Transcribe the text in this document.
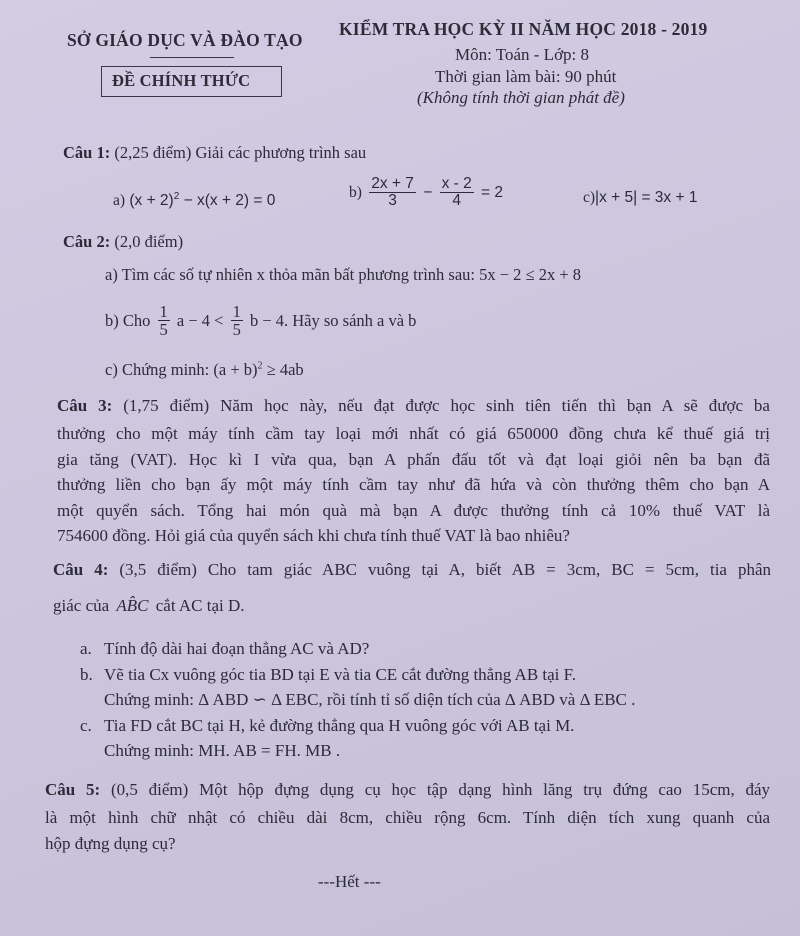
SỞ GIÁO DỤC VÀ ĐÀO TẠO
ĐỀ CHÍNH THỨC
KIỂM TRA HỌC KỲ II NĂM HỌC 2018 - 2019
Môn: Toán - Lớp: 8
Thời gian làm bài: 90 phút
(Không tính thời gian phát đề)
Câu 1: (2,25 điểm) Giải các phương trình sau
a) $(x + 2)^2 - x(x + 2) = 0$	$b) \frac{2x + 7}{3} - \frac{x - 2}{4} = 2$	c)|x + 5| = 3x + 1
Câu 2: (2,0 điểm)
a) Tìm các số tự nhiên x thỏa mãn bất phương trình sau: 5x − 2 ≤ 2x + 8
b) Cho $\frac{1}{5}$ $a - 4 < \frac{1}{5}$ b − 4. Hãy so sánh a và b
c) Chứng minh: $(a + b)^2 \ge 4ab$
Câu 3: (1,75 điểm) Năm học này, nếu đạt được học sinh tiên tiến thì bạn A sẽ được ba
thưởng cho một máy tính cầm tay loại mới nhất có giá 650000 đồng chưa kể thuế giá trị
gia tăng (VAT). Học kì I vừa qua, bạn A phấn đấu tốt và đạt loại giỏi nên ba bạn đã
thưởng liền cho bạn ấy một máy tính cầm tay như đã hứa và còn thưởng thêm cho bạn A
một quyển sách. Tổng hai món quà mà bạn A được thưởng tính cả 10% thuế VAT là
754600 đồng. Hỏi giá của quyển sách khi chưa tính thuế VAT là bao nhiêu?
Câu 4: (3,5 điểm) Cho tam giác ABC vuông tại A, biết AB = 3cm, BC = 5cm, tia phân
giác của AB̂C cắt AC tại D.
a. Tính độ dài hai đoạn thẳng AC và AD?
b. Vẽ tia Cx vuông góc tia BD tại E và tia CE cắt đường thẳng AB tại F.
Chứng minh: Δ ABD ∽ Δ EBC, rồi tính tỉ số diện tích của Δ ABD và Δ EBC .
c. Tia FD cắt BC tại H, kẻ đường thẳng qua H vuông góc với AB tại M.
Chứng minh: MH. AB = FH. MB .
Câu 5: (0,5 điểm) Một hộp đựng dụng cụ học tập dạng hình lăng trụ đứng cao 15cm, đáy
là một hình chữ nhật có chiều dài 8cm, chiều rộng 6cm. Tính diện tích xung quanh của
hộp đựng dụng cụ?
---Hết ---
